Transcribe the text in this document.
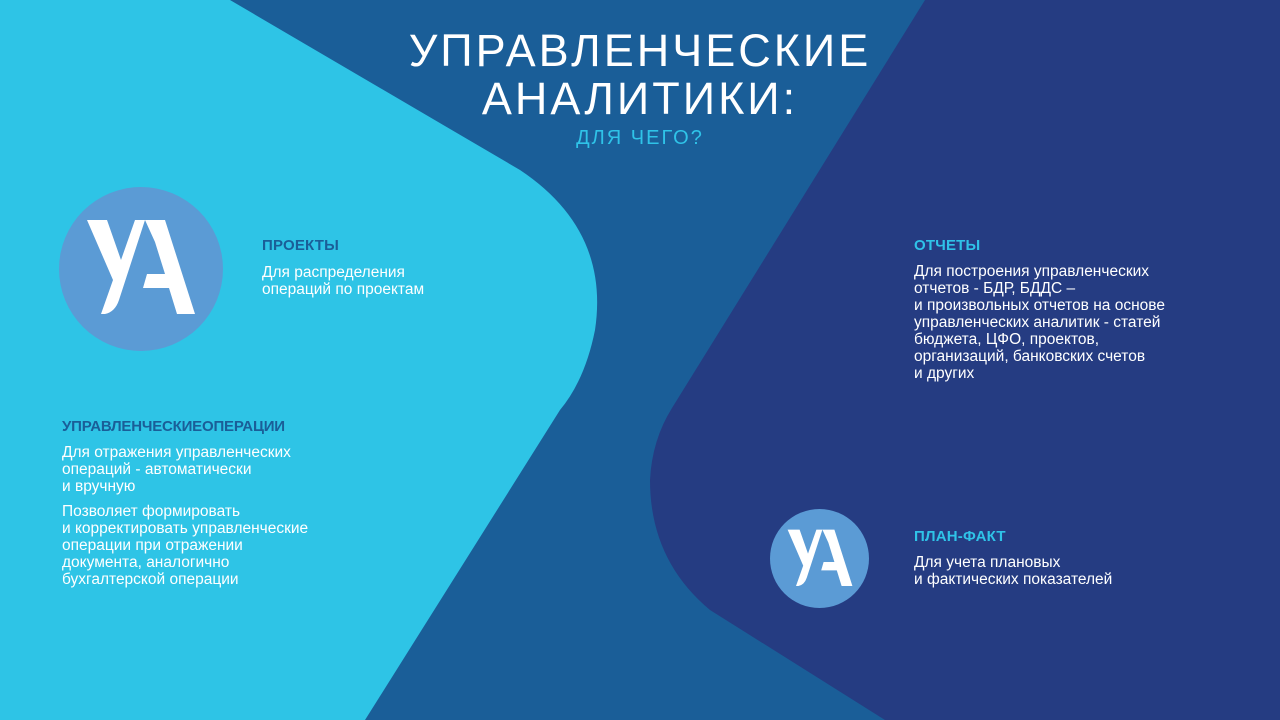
УПРАВЛЕНЧЕСКИЕ
АНАЛИТИКИ:
ДЛЯ ЧЕГО?
ПРОЕКТЫ
Для распределения
операций по проектам
УПРАВЛЕНЧЕСКИЕОПЕРАЦИИ
Для отражения управленческих
операций - автоматически
и вручную
Позволяет формировать
и корректировать управленческие
операции при отражении
документа, аналогично
бухгалтерской операции
ОТЧЕТЫ
Для построения управленческих
отчетов - БДР, БДДС –
и произвольных отчетов на основе
управленческих аналитик - статей
бюджета, ЦФО, проектов,
организаций, банковских счетов
и других
ПЛАН-ФАКТ
Для учета плановых
и фактических показателей
